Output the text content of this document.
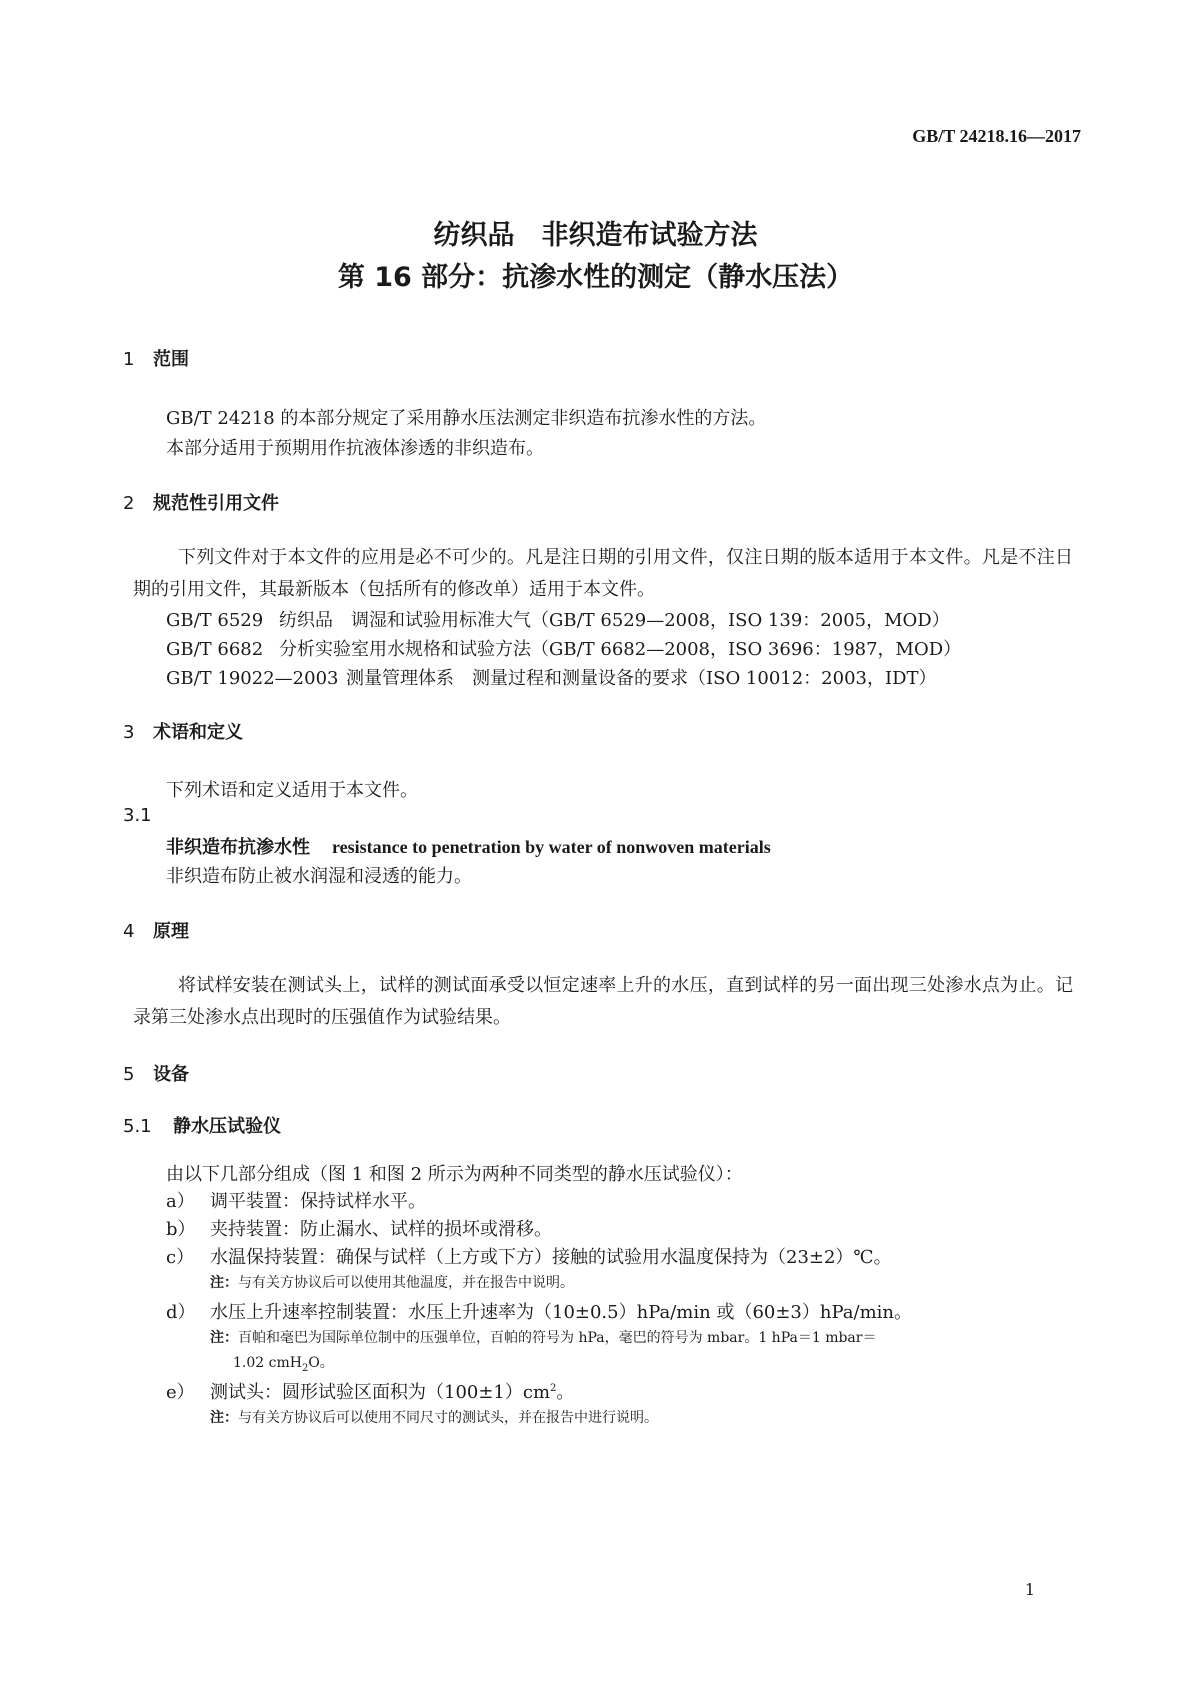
GB/T 24218.16—2017
纺织品　非织造布试验方法
第 16 部分：抗渗水性的测定（静水压法）
1 范围
GB/T 24218 的本部分规定了采用静水压法测定非织造布抗渗水性的方法。
本部分适用于预期用作抗液体渗透的非织造布。
2 规范性引用文件
下列文件对于本文件的应用是必不可少的。凡是注日期的引用文件，仅注日期的版本适用于本文件。凡是不注日期的引用文件，其最新版本（包括所有的修改单）适用于本文件。
GB/T 6529 纺织品　调湿和试验用标准大气（GB/T 6529—2008，ISO 139：2005，MOD）
GB/T 6682 分析实验室用水规格和试验方法（GB/T 6682—2008，ISO 3696：1987，MOD）
GB/T 19022—2003 测量管理体系　测量过程和测量设备的要求（ISO 10012：2003，IDT）
3 术语和定义
下列术语和定义适用于本文件。
3.1
非织造布抗渗水性 resistance to penetration by water of nonwoven materials
非织造布防止被水润湿和浸透的能力。
4 原理
将试样安装在测试头上，试样的测试面承受以恒定速率上升的水压，直到试样的另一面出现三处渗水点为止。记录第三处渗水点出现时的压强值作为试验结果。
5 设备
5.1 静水压试验仪
由以下几部分组成（图 1 和图 2 所示为两种不同类型的静水压试验仪）：
a） 调平装置：保持试样水平。
b） 夹持装置：防止漏水、试样的损坏或滑移。
c） 水温保持装置：确保与试样（上方或下方）接触的试验用水温度保持为（23±2）℃。
注：与有关方协议后可以使用其他温度，并在报告中说明。
d） 水压上升速率控制装置：水压上升速率为（10±0.5）hPa/min 或（60±3）hPa/min。
注：百帕和毫巴为国际单位制中的压强单位，百帕的符号为 hPa，毫巴的符号为 mbar。1 hPa＝1 mbar＝
1.02 cmH$_2$O。
e） 测试头：圆形试验区面积为$(100\pm 1)cm^2$。
注：与有关方协议后可以使用不同尺寸的测试头，并在报告中进行说明。
1
